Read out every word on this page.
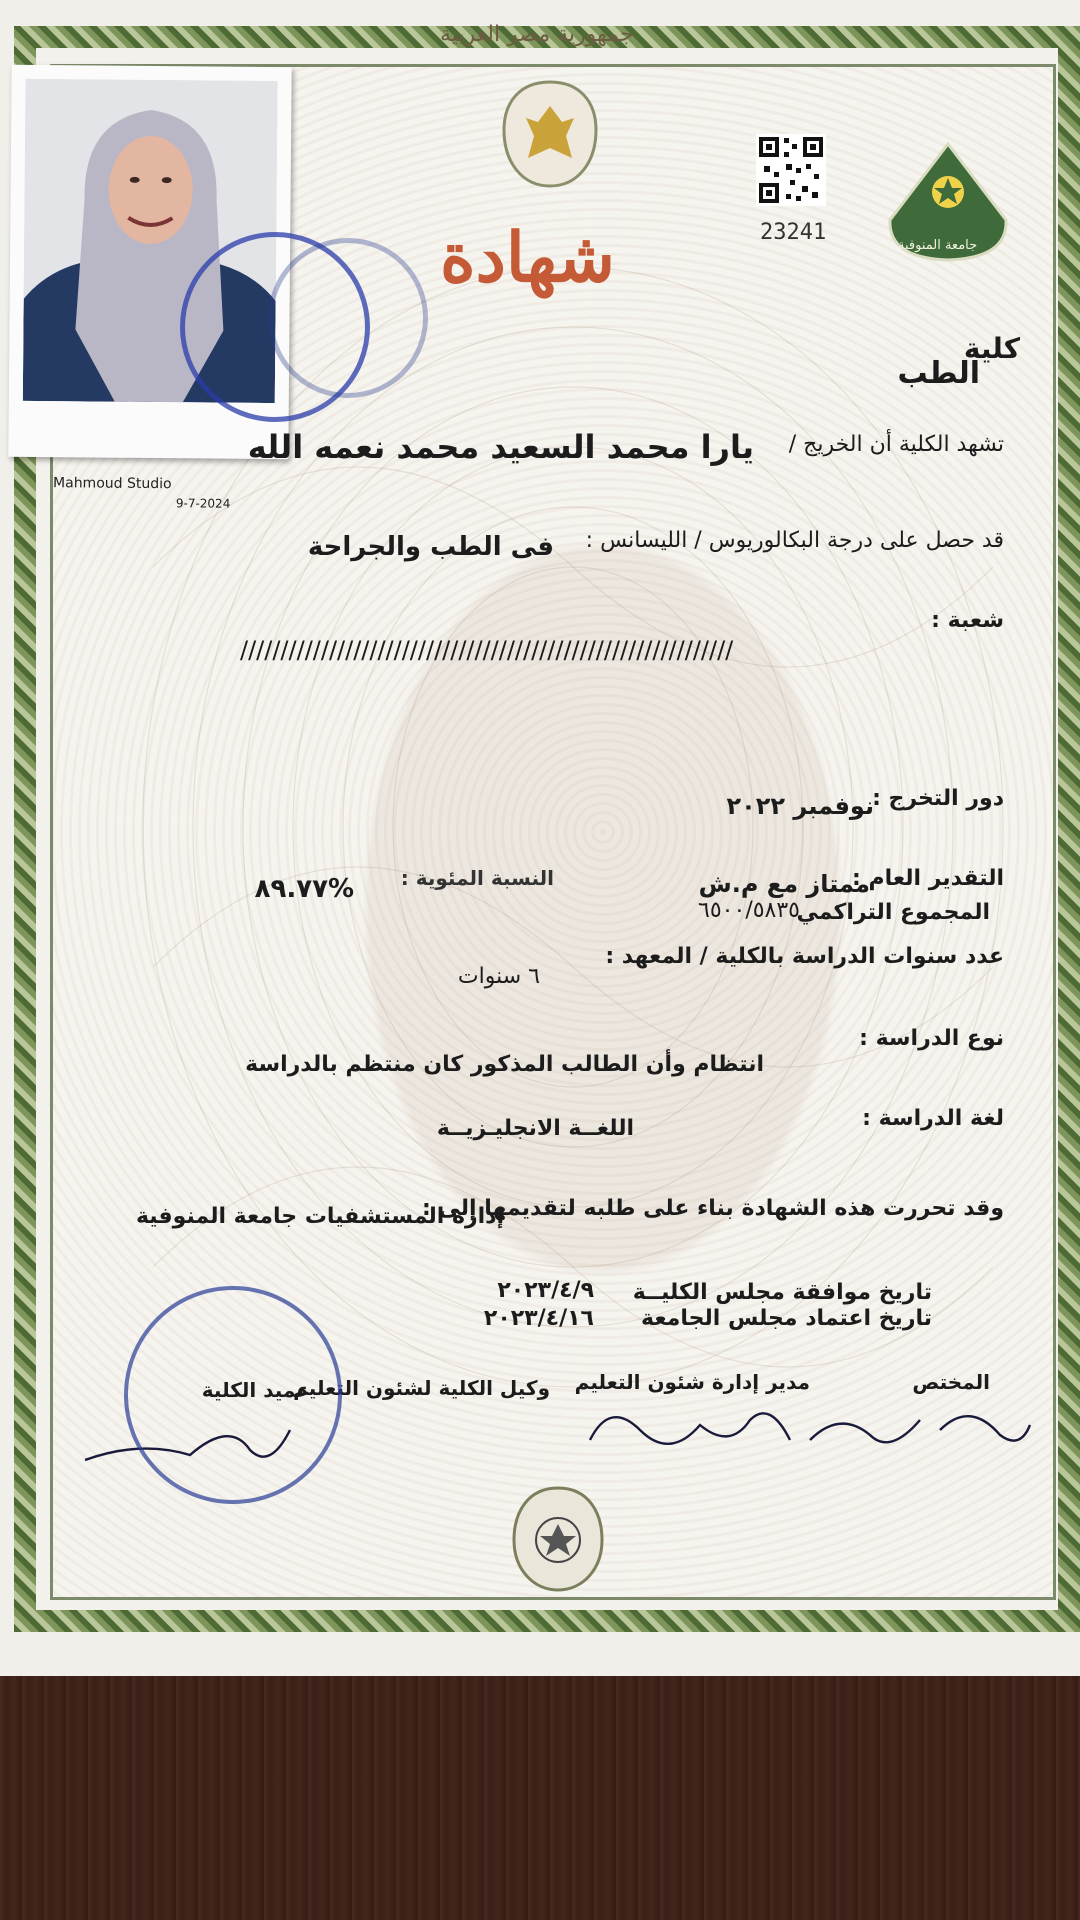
جمهورية مصر العربية
23241
جامعة المنوفية
شهادة
Mahmoud Studio
9-7-2024
كلية
الطب
تشهد الكلية أن الخريج /
يارا محمد السعيد محمد نعمه الله
قد حصل على درجة البكالوريوس / الليسانس :
فى الطب والجراحة
شعبة :
/////////////////////////////////////////////////////////////
دور التخرج :
نوفمبر ٢٠٢٢
التقدير العام :
ممتاز مع م.ش
النسبة المئوية :
%٨٩.٧٧
المجموع التراكمي
٦٥٠٠/٥٨٣٥
عدد سنوات الدراسة بالكلية / المعهد :
٦ سنوات
نوع الدراسة :
انتظام وأن الطالب المذكور كان منتظم بالدراسة
لغة الدراسة :
اللغــة الانجليـزيــة
وقد تحررت هذه الشهادة بناء على طلبه لتقديمها إلى :
إدارة المستشفيات جامعة المنوفية
تاريخ موافقة مجلس الكليــة
٢٠٢٣/٤/٩
تاريخ اعتماد مجلس الجامعة
٢٠٢٣/٤/١٦
المختص
مدير إدارة شئون التعليم
وكيل الكلية لشئون التعليم
عميد الكلية
